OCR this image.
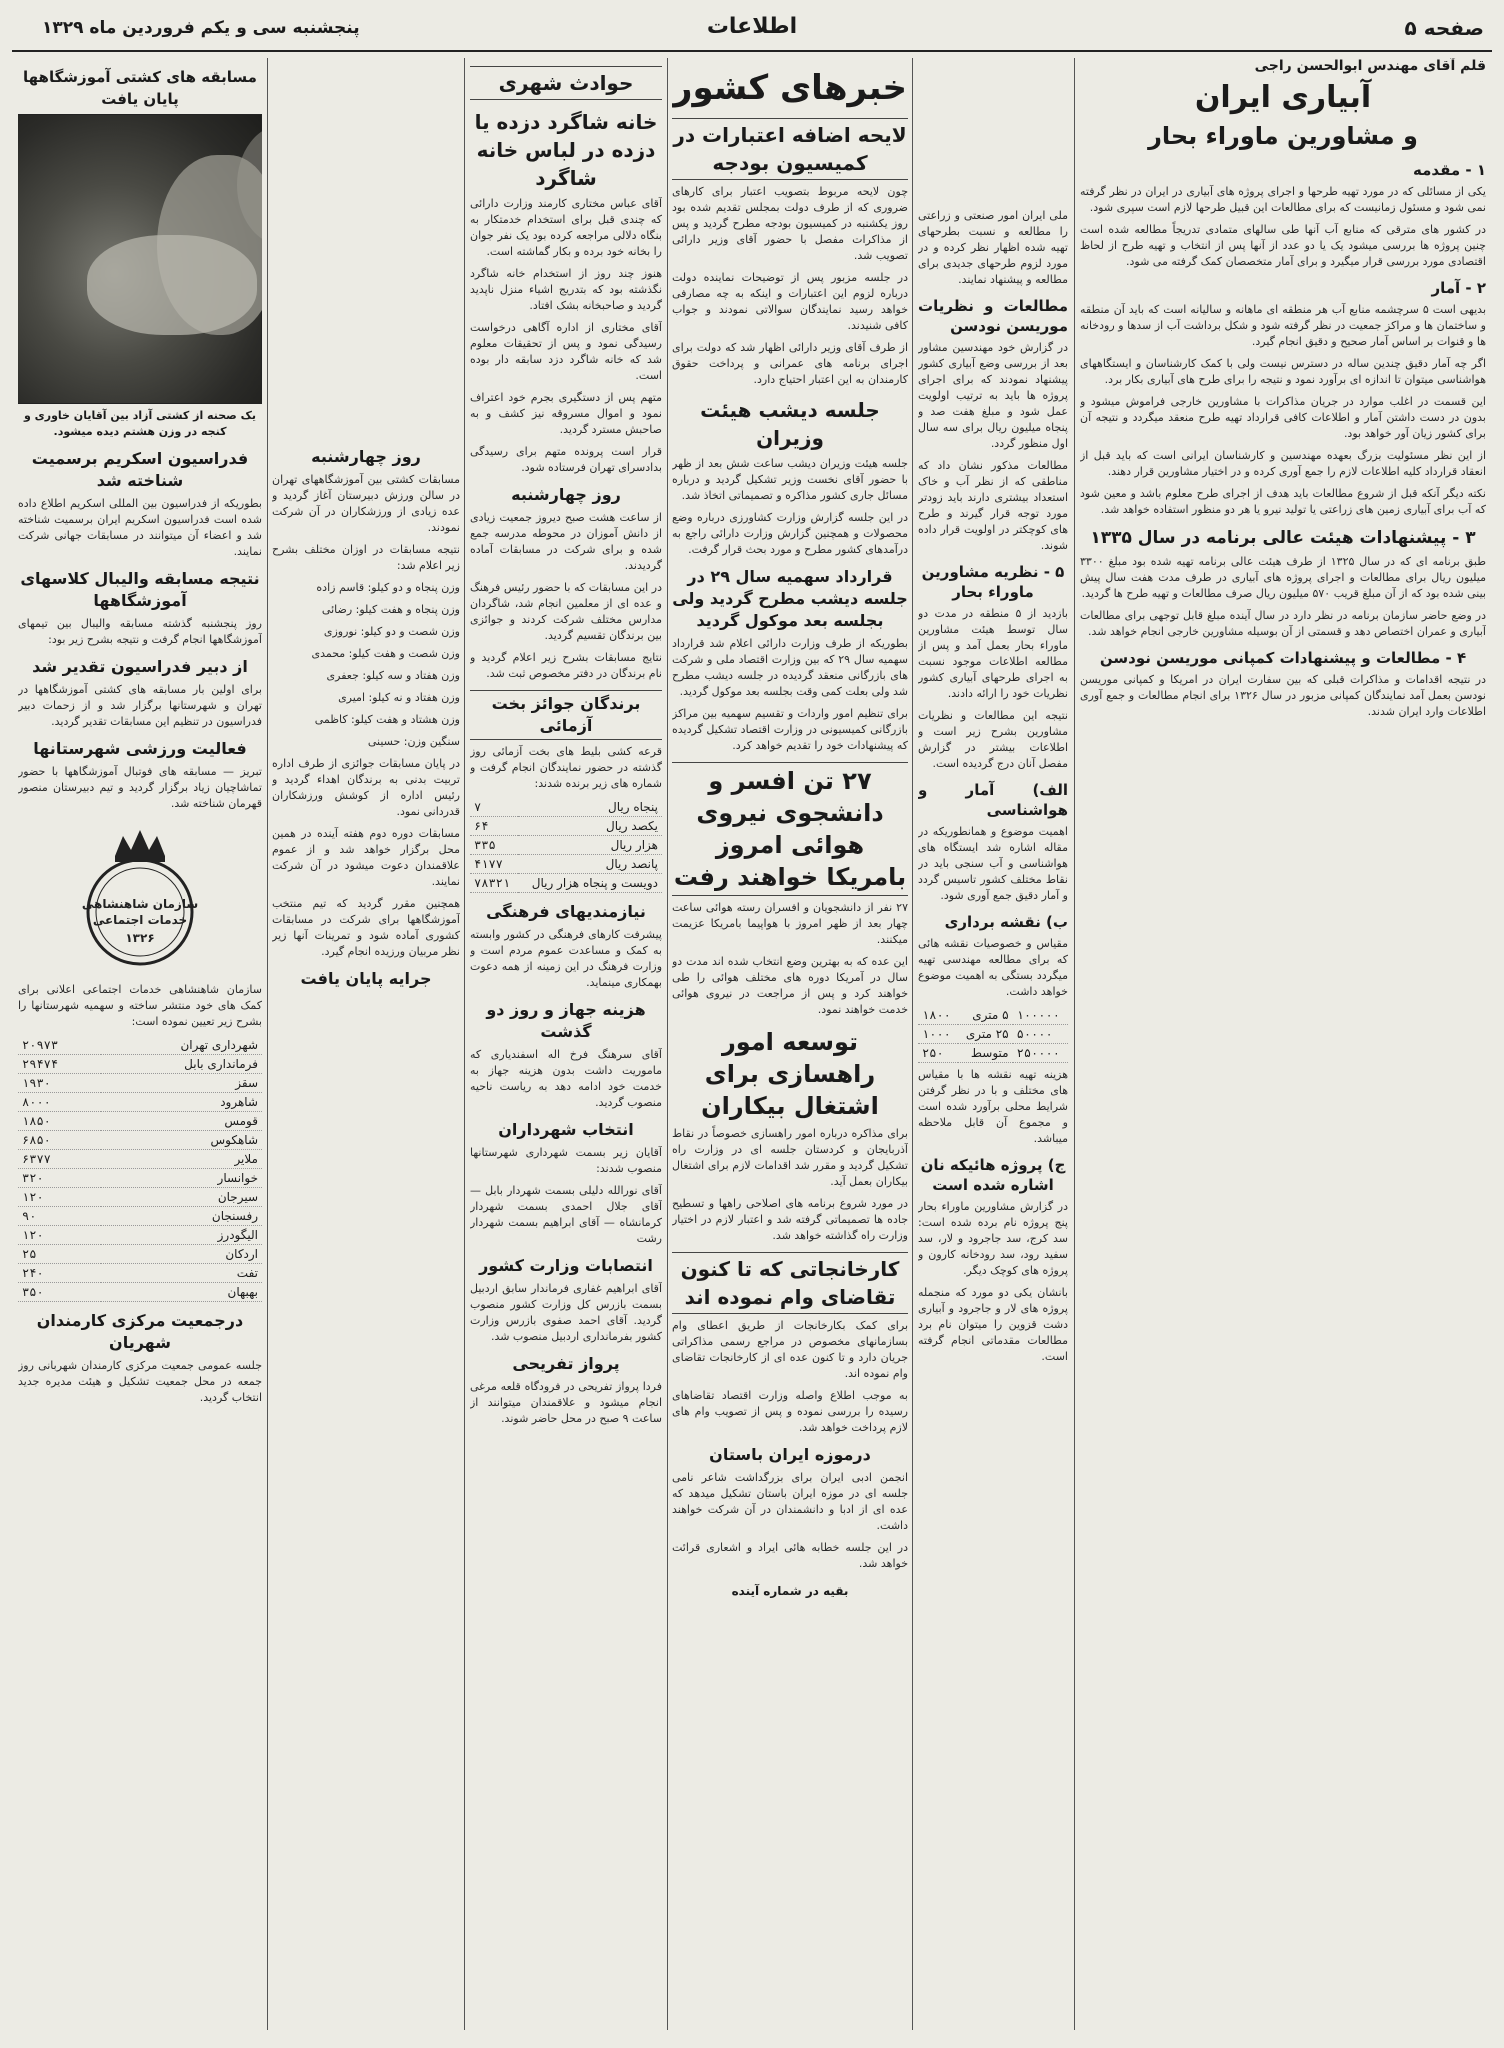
صفحه ۵
اطلاعات
پنجشنبه سی و یکم فروردین ماه ۱۳۲۹
قلم آقای مهندس ابوالحسن راجی
آبیاری ایران
و مشاورین ماوراء بحار
۱ - مقدمه

یکی از مسائلی که در مورد تهیه طرحها و اجرای پروژه های آبیاری در ایران در نظر گرفته نمی شود و مسئول زمانیست که برای مطالعات این قبیل طرحها لازم است سپری شود.

در کشور های مترقی که منابع آب آنها طی سالهای متمادی تدریجاً مطالعه شده است چنین پروژه ها بررسی میشود یک یا دو عدد از آنها پس از انتخاب و تهیه طرح از لحاظ اقتصادی مورد بررسی قرار میگیرد و برای آمار متخصصان کمک گرفته می شود.

۲ - آمار

بدیهی است ۵ سرچشمه منابع آب هر منطقه ای ماهانه و سالیانه است که باید آن منطقه و ساختمان ها و مراکز جمعیت در نظر گرفته شود و شکل برداشت آب از سدها و رودخانه ها و قنوات بر اساس آمار صحیح و دقیق انجام گیرد.

اگر چه آمار دقیق چندین ساله در دسترس نیست ولی با کمک کارشناسان و ایستگاههای هواشناسی میتوان تا اندازه ای برآورد نمود و نتیجه را برای طرح های آبیاری بکار برد.

این قسمت در اغلب موارد در جریان مذاکرات با مشاورین خارجی فراموش میشود و بدون در دست داشتن آمار و اطلاعات کافی قرارداد تهیه طرح منعقد میگردد و نتیجه آن برای کشور زیان آور خواهد بود.

از این نظر مسئولیت بزرگ بعهده مهندسین و کارشناسان ایرانی است که باید قبل از انعقاد قرارداد کلیه اطلاعات لازم را جمع آوری کرده و در اختیار مشاورین قرار دهند.

نکته دیگر آنکه قبل از شروع مطالعات باید هدف از اجرای طرح معلوم باشد و معین شود که آب برای آبیاری زمین های زراعتی یا تولید نیرو یا هر دو منظور استفاده خواهد شد.

۳ - پیشنهادات هیئت عالی برنامه در سال ۱۳۳۵

طبق برنامه ای که در سال ۱۳۲۵ از طرف هیئت عالی برنامه تهیه شده بود مبلغ ۳۳۰۰ میلیون ریال برای مطالعات و اجرای پروژه های آبیاری در طرف مدت هفت سال پیش بینی شده بود که از آن مبلغ قریب ۵۷۰ میلیون ریال صرف مطالعات و تهیه طرح ها گردید.

در وضع حاضر سازمان برنامه در نظر دارد در سال آینده مبلغ قابل توجهی برای مطالعات آبیاری و عمران اختصاص دهد و قسمتی از آن بوسیله مشاورین خارجی انجام خواهد شد.

۴ - مطالعات و پیشنهادات کمپانی موریسن نودسن

در نتیجه اقدامات و مذاکرات قبلی که بین سفارت ایران در امریکا و کمپانی موریسن نودسن بعمل آمد نمایندگان کمپانی مزبور در سال ۱۳۲۶ برای انجام مطالعات و جمع آوری اطلاعات وارد ایران شدند.

ملی ایران امور صنعتی و زراعتی را مطالعه و نسبت بطرحهای تهیه شده اظهار نظر کرده و در مورد لزوم طرحهای جدیدی برای مطالعه و پیشنهاد نمایند.

مطالعات و نظریات موریسن نودسن

در گزارش خود مهندسین مشاور بعد از بررسی وضع آبیاری کشور پیشنهاد نمودند که برای اجرای پروژه ها باید به ترتیب اولویت عمل شود و مبلغ هفت صد و پنجاه میلیون ریال برای سه سال اول منظور گردد.

مطالعات مذکور نشان داد که مناطقی که از نظر آب و خاک استعداد بیشتری دارند باید زودتر مورد توجه قرار گیرند و طرح های کوچکتر در اولویت قرار داده شوند.

۵ - نظریه مشاورین ماوراء بحار

بازدید از ۵ منطقه در مدت دو سال توسط هیئت مشاورین ماوراء بحار بعمل آمد و پس از مطالعه اطلاعات موجود نسبت به اجرای طرحهای آبیاری کشور نظریات خود را ارائه دادند.

نتیجه این مطالعات و نظریات مشاورین بشرح زیر است و اطلاعات بیشتر در گزارش مفصل آنان درج گردیده است.

الف) آمار و هواشناسی

اهمیت موضوع و همانطوریکه در مقاله اشاره شد ایستگاه های هواشناسی و آب سنجی باید در نقاط مختلف کشور تاسیس گردد و آمار دقیق جمع آوری شود.

ب) نقشه برداری

مقیاس و خصوصیات نقشه هائی که برای مطالعه مهندسی تهیه میگردد بستگی به اهمیت موضوع خواهد داشت.

۱۰۰۰۰۰	۵ متری	۱۸۰۰
۵۰۰۰۰	۲۵ متری	۱۰۰۰
۲۵۰۰۰۰	متوسط	۲۵۰

هزینه تهیه نقشه ها با مقیاس های مختلف و با در نظر گرفتن شرایط محلی برآورد شده است و مجموع آن قابل ملاحظه میباشد.

ج) پروژه هائیکه نان اشاره شده است

در گزارش مشاورین ماوراء بحار پنج پروژه نام برده شده است: سد کرج، سد جاجرود و لار، سد سفید رود، سد رودخانه کارون و پروژه های کوچک دیگر.

بانشان یکی دو مورد که منجمله پروژه های لار و جاجرود و آبیاری دشت قزوین را میتوان نام برد مطالعات مقدماتی انجام گرفته است.

خبرهای کشور
لایحه اضافه اعتبارات در کمیسیون بودجه

چون لایحه مربوط بتصویب اعتبار برای کارهای ضروری که از طرف دولت بمجلس تقدیم شده بود روز یکشنبه در کمیسیون بودجه مطرح گردید و پس از مذاکرات مفصل با حضور آقای وزیر دارائی تصویب شد.

در جلسه مزبور پس از توضیحات نماینده دولت درباره لزوم این اعتبارات و اینکه به چه مصارفی خواهد رسید نمایندگان سوالاتی نمودند و جواب کافی شنیدند.

از طرف آقای وزیر دارائی اظهار شد که دولت برای اجرای برنامه های عمرانی و پرداخت حقوق کارمندان به این اعتبار احتیاج دارد.

جلسه دیشب هیئت وزیران

جلسه هیئت وزیران دیشب ساعت شش بعد از ظهر با حضور آقای نخست وزیر تشکیل گردید و درباره مسائل جاری کشور مذاکره و تصمیماتی اتخاذ شد.

در این جلسه گزارش وزارت کشاورزی درباره وضع محصولات و همچنین گزارش وزارت دارائی راجع به درآمدهای کشور مطرح و مورد بحث قرار گرفت.

قرارداد سهمیه سال ۲۹ در جلسه دیشب مطرح گردید ولی بجلسه بعد موکول گردید

بطوریکه از طرف وزارت دارائی اعلام شد قرارداد سهمیه سال ۲۹ که بین وزارت اقتصاد ملی و شرکت های بازرگانی منعقد گردیده در جلسه دیشب مطرح شد ولی بعلت کمی وقت بجلسه بعد موکول گردید.

برای تنظیم امور واردات و تقسیم سهمیه بین مراکز بازرگانی کمیسیونی در وزارت اقتصاد تشکیل گردیده که پیشنهادات خود را تقدیم خواهد کرد.

۲۷ تن افسر و دانشجوی نیروی هوائی امروز بامریکا خواهند رفت

۲۷ نفر از دانشجویان و افسران رسته هوائی ساعت چهار بعد از ظهر امروز با هواپیما بامریکا عزیمت میکنند.

این عده که به بهترین وضع انتخاب شده اند مدت دو سال در آمریکا دوره های مختلف هوائی را طی خواهند کرد و پس از مراجعت در نیروی هوائی خدمت خواهند نمود.

توسعه امور راهسازی برای اشتغال بیکاران

برای مذاکره درباره امور راهسازی خصوصاً در نقاط آذربایجان و کردستان جلسه ای در وزارت راه تشکیل گردید و مقرر شد اقدامات لازم برای اشتغال بیکاران بعمل آید.

در مورد شروع برنامه های اصلاحی راهها و تسطیح جاده ها تصمیماتی گرفته شد و اعتبار لازم در اختیار وزارت راه گذاشته خواهد شد.

کارخانجاتی که تا کنون تقاضای وام نموده اند

برای کمک بکارخانجات از طریق اعطای وام بسازمانهای مخصوص در مراجع رسمی مذاکراتی جریان دارد و تا کنون عده ای از کارخانجات تقاضای وام نموده اند.

به موجب اطلاع واصله وزارت اقتصاد تقاضاهای رسیده را بررسی نموده و پس از تصویب وام های لازم پرداخت خواهد شد.

درموزه ایران باستان

انجمن ادبی ایران برای بزرگداشت شاعر نامی جلسه ای در موزه ایران باستان تشکیل میدهد که عده ای از ادبا و دانشمندان در آن شرکت خواهند داشت.

در این جلسه خطابه هائی ایراد و اشعاری قرائت خواهد شد.

بقیه در شماره آینده
حوادث شهری
خانه شاگرد دزده یا دزده در لباس خانه شاگرد

آقای عباس مختاری کارمند وزارت دارائی که چندی قبل برای استخدام خدمتکار به بنگاه دلالی مراجعه کرده بود یک نفر جوان را بخانه خود برده و بکار گماشته است.

هنوز چند روز از استخدام خانه شاگرد نگذشته بود که بتدریج اشیاء منزل ناپدید گردید و صاحبخانه بشک افتاد.

آقای مختاری از اداره آگاهی درخواست رسیدگی نمود و پس از تحقیقات معلوم شد که خانه شاگرد دزد سابقه دار بوده است.

متهم پس از دستگیری بجرم خود اعتراف نمود و اموال مسروقه نیز کشف و به صاحبش مسترد گردید.

قرار است پرونده متهم برای رسیدگی بدادسرای تهران فرستاده شود.

روز چهارشنبه

از ساعت هشت صبح دیروز جمعیت زیادی از دانش آموزان در محوطه مدرسه جمع شده و برای شرکت در مسابقات آماده گردیدند.

در این مسابقات که با حضور رئیس فرهنگ و عده ای از معلمین انجام شد، شاگردان مدارس مختلف شرکت کردند و جوائزی بین برندگان تقسیم گردید.

نتایج مسابقات بشرح زیر اعلام گردید و نام برندگان در دفتر مخصوص ثبت شد.

برندگان جوائز بخت آزمائی

قرعه کشی بلیط های بخت آزمائی روز گذشته در حضور نمایندگان انجام گرفت و شماره های زیر برنده شدند:

پنجاه ریال	۷
یکصد ریال	۶۴
هزار ریال	۳۳۵
پانصد ریال	۴۱۷۷
دویست و پنجاه هزار ریال	۷۸۳۲۱
نیازمندیهای فرهنگی

پیشرفت کارهای فرهنگی در کشور وابسته به کمک و مساعدت عموم مردم است و وزارت فرهنگ در این زمینه از همه دعوت بهمکاری مینماید.

هزینه جهاز و روز دو گذشت

آقای سرهنگ فرخ اله اسفندیاری که ماموریت داشت بدون هزینه جهاز به خدمت خود ادامه دهد به ریاست ناحیه منصوب گردید.

انتخاب شهرداران

آقایان زیر بسمت شهرداری شهرستانها منصوب شدند:

آقای نورالله دلیلی بسمت شهردار بابل — آقای جلال احمدی بسمت شهردار کرمانشاه — آقای ابراهیم بسمت شهردار رشت

انتصابات وزارت کشور

آقای ابراهیم غفاری فرماندار سابق اردبیل بسمت بازرس کل وزارت کشور منصوب گردید. آقای احمد صفوی بازرس وزارت کشور بفرمانداری اردبیل منصوب شد.

پرواز تفریحی

فردا پرواز تفریحی در فرودگاه قلعه مرغی انجام میشود و علاقمندان میتوانند از ساعت ۹ صبح در محل حاضر شوند.

روز چهارشنبه

مسابقات کشتی بین آموزشگاههای تهران در سالن ورزش دبیرستان آغاز گردید و عده زیادی از ورزشکاران در آن شرکت نمودند.

نتیجه مسابقات در اوزان مختلف بشرح زیر اعلام شد:

وزن پنجاه و دو کیلو: قاسم زاده

وزن پنجاه و هفت کیلو: رضائی

وزن شصت و دو کیلو: نوروزی

وزن شصت و هفت کیلو: محمدی

وزن هفتاد و سه کیلو: جعفری

وزن هفتاد و نه کیلو: امیری

وزن هشتاد و هفت کیلو: کاظمی

سنگین وزن: حسینی

در پایان مسابقات جوائزی از طرف اداره تربیت بدنی به برندگان اهداء گردید و رئیس اداره از کوشش ورزشکاران قدردانی نمود.

مسابقات دوره دوم هفته آینده در همین محل برگزار خواهد شد و از عموم علاقمندان دعوت میشود در آن شرکت نمایند.

همچنین مقرر گردید که تیم منتخب آموزشگاهها برای شرکت در مسابقات کشوری آماده شود و تمرینات آنها زیر نظر مربیان ورزیده انجام گیرد.

جرایه پایان یافت
مسابقه های کشتی آموزشگاهها پایان یافت
یک صحنه از کشتی آزاد بین آقایان خاوری و کنجه در وزن هشتم دیده میشود.
فدراسیون اسکریم برسمیت شناخته شد

بطوریکه از فدراسیون بین المللی اسکریم اطلاع داده شده است فدراسیون اسکریم ایران برسمیت شناخته شد و اعضاء آن میتوانند در مسابقات جهانی شرکت نمایند.

نتیجه مسابقه والیبال کلاسهای آموزشگاهها

روز پنجشنبه گذشته مسابقه والیبال بین تیمهای آموزشگاهها انجام گرفت و نتیجه بشرح زیر بود:

از دبیر فدراسیون تقدیر شد

برای اولین بار مسابقه های کشتی آموزشگاهها در تهران و شهرستانها برگزار شد و از زحمات دبیر فدراسیون در تنظیم این مسابقات تقدیر گردید.

فعالیت ورزشی شهرستانها

تبریز — مسابقه های فوتبال آموزشگاهها با حضور تماشاچیان زیاد برگزار گردید و تیم دبیرستان منصور قهرمان شناخته شد.

سازمان شاهنشاهی
خدمات اجتماعی
۱۳۲۶

سازمان شاهنشاهی خدمات اجتماعی اعلانی برای کمک های خود منتشر ساخته و سهمیه شهرستانها را بشرح زیر تعیین نموده است:

شهرداری تهران	۲۰۹۷۳
فرمانداری بابل	۲۹۴۷۴
سقز	۱۹۳۰
شاهرود	۸۰۰۰
قومس	۱۸۵۰
شاهکوس	۶۸۵۰
ملایر	۶۳۷۷
خوانسار	۳۲۰
سیرجان	۱۲۰
رفسنجان	۹۰
الیگودرز	۱۲۰
اردکان	۲۵
تفت	۲۴۰
بهبهان	۳۵۰
درجمعیت مرکزی کارمندان شهریان

جلسه عمومی جمعیت مرکزی کارمندان شهربانی روز جمعه در محل جمعیت تشکیل و هیئت مدیره جدید انتخاب گردید.
